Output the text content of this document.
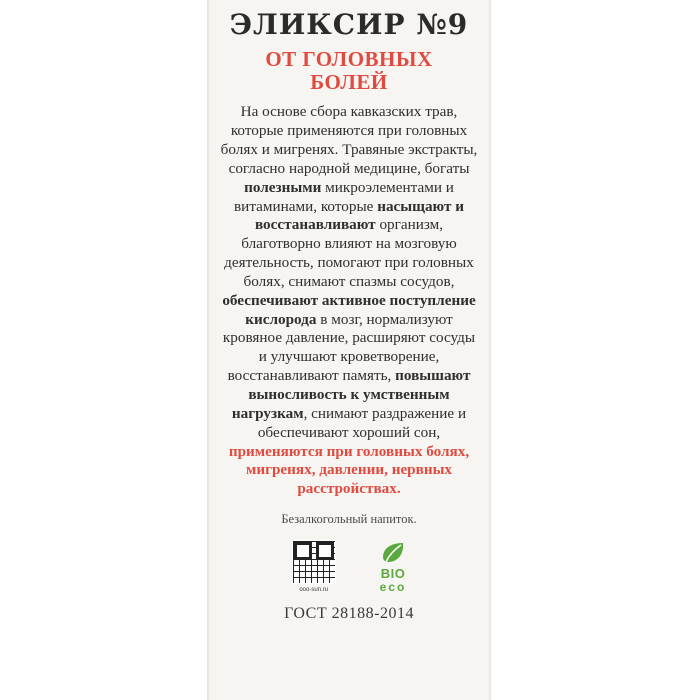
ЭЛИКСИР №9
ОТ ГОЛОВНЫХ
БОЛЕЙ
На основе сбора кавказских трав, которые применяются при головных болях и мигренях. Травяные экстракты, согласно народной медицине, богаты полезными микроэлементами и витаминами, которые насыщают и восстанавливают организм, благотворно влияют на мозговую деятельность, помогают при головных болях, снимают спазмы сосудов, обеспечивают активное поступление кислорода в мозг, нормализуют кровяное давление, расширяют сосуды и улучшают кроветворение, восстанавливают память, повышают выносливость к умственным нагрузкам, снимают раздражение и обеспечивают хороший сон, применяются при головных болях, мигренях, давлении, нервных расстройствах.
Безалкогольный напиток.
ooo-sun.ru
BIO
eco
ГОСТ 28188-2014
